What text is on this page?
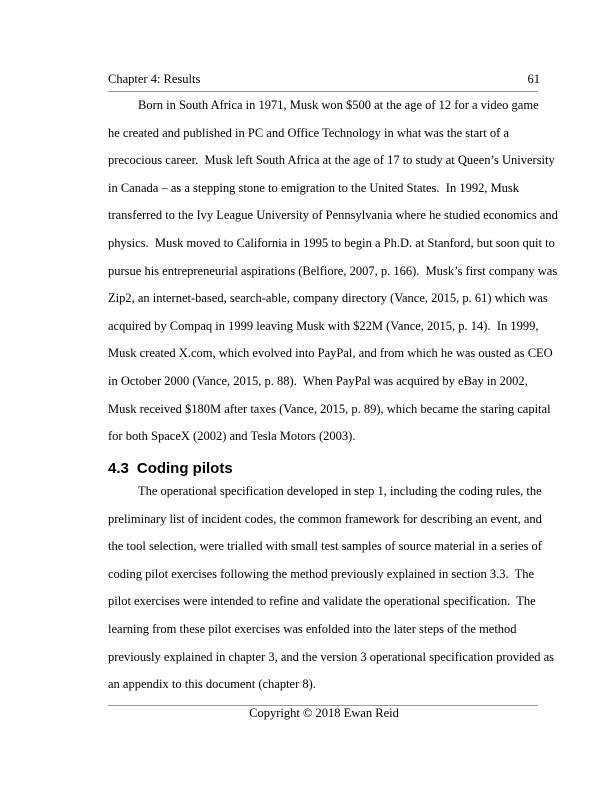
Chapter 4: Results	61
Born in South Africa in 1971, Musk won $500 at the age of 12 for a video game
he created and published in PC and Office Technology in what was the start of a
precocious career.  Musk left South Africa at the age of 17 to study at Queen’s University
in Canada – as a stepping stone to emigration to the United States.  In 1992, Musk
transferred to the Ivy League University of Pennsylvania where he studied economics and
physics.  Musk moved to California in 1995 to begin a Ph.D. at Stanford, but soon quit to
pursue his entrepreneurial aspirations (Belfiore, 2007, p. 166).  Musk’s first company was
Zip2, an internet-based, search-able, company directory (Vance, 2015, p. 61) which was
acquired by Compaq in 1999 leaving Musk with $22M (Vance, 2015, p. 14).  In 1999,
Musk created X.com, which evolved into PayPal, and from which he was ousted as CEO
in October 2000 (Vance, 2015, p. 88).  When PayPal was acquired by eBay in 2002,
Musk received $180M after taxes (Vance, 2015, p. 89), which became the staring capital
for both SpaceX (2002) and Tesla Motors (2003).
4.3 Coding pilots
The operational specification developed in step 1, including the coding rules, the
preliminary list of incident codes, the common framework for describing an event, and
the tool selection, were trialled with small test samples of source material in a series of
coding pilot exercises following the method previously explained in section 3.3.  The
pilot exercises were intended to refine and validate the operational specification.  The
learning from these pilot exercises was enfolded into the later steps of the method
previously explained in chapter 3, and the version 3 operational specification provided as
an appendix to this document (chapter 8).
Copyright © 2018 Ewan Reid
